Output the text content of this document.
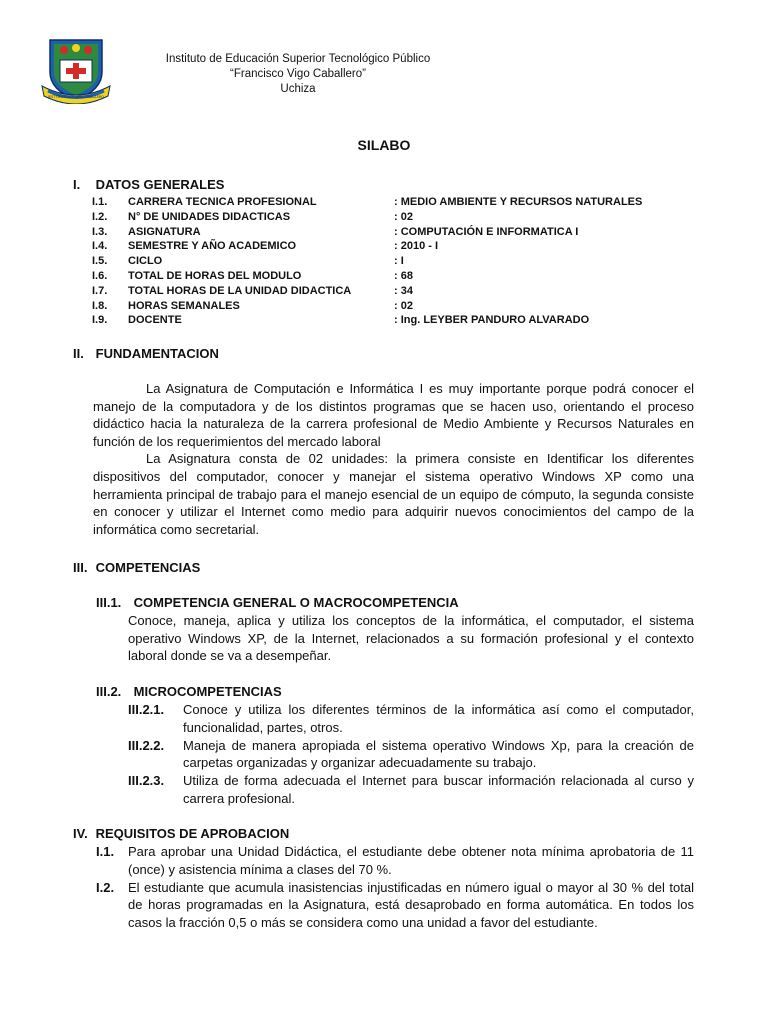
IEST FRANCISCO VIGO CABALLERO
Instituto de Educación Superior Tecnológico Público
“Francisco Vigo Caballero”
Uchiza
SILABO
I. DATOS GENERALES
I.1. CARRERA TECNICA PROFESIONAL	: MEDIO AMBIENTE Y RECURSOS NATURALES
I.2. N° DE UNIDADES DIDACTICAS	: 02
I.3. ASIGNATURA	: COMPUTACIÓN E INFORMATICA I
I.4. SEMESTRE Y AÑO ACADEMICO	: 2010 - I
I.5. CICLO	: I
I.6. TOTAL DE HORAS DEL MODULO	: 68
I.7. TOTAL HORAS DE LA UNIDAD DIDACTICA	: 34
I.8. HORAS SEMANALES	: 02
I.9. DOCENTE	: Ing. LEYBER PANDURO ALVARADO
II. FUNDAMENTACION

La Asignatura de Computación e Informática I es muy importante porque podrá conocer el manejo de la computadora y de los distintos programas que se hacen uso, orientando el proceso didáctico hacia la naturaleza de la carrera profesional de Medio Ambiente y Recursos Naturales en función de los requerimientos del mercado laboral

La Asignatura consta de 02 unidades: la primera consiste en Identificar los diferentes dispositivos del computador, conocer y manejar el sistema operativo Windows XP como una herramienta principal de trabajo para el manejo esencial de un equipo de cómputo, la segunda consiste en conocer y utilizar el Internet como medio para adquirir nuevos conocimientos del campo de la informática como secretarial.

III. COMPETENCIAS
III.1. COMPETENCIA GENERAL O MACROCOMPETENCIA
Conoce, maneja, aplica y utiliza los conceptos de la informática, el computador, el sistema operativo Windows XP, de la Internet, relacionados a su formación profesional y el contexto laboral donde se va a desempeñar.
III.2. MICROCOMPETENCIAS
III.2.1.	Conoce y utiliza los diferentes términos de la informática así como el computador, funcionalidad, partes, otros.
III.2.2.	Maneja de manera apropiada el sistema operativo Windows Xp, para la creación de carpetas organizadas y organizar adecuadamente su trabajo.
III.2.3.	Utiliza de forma adecuada el Internet para buscar información relacionada al curso y carrera profesional.
IV. REQUISITOS DE APROBACION
I.1.	Para aprobar una Unidad Didáctica, el estudiante debe obtener nota mínima aprobatoria de 11 (once) y asistencia mínima a clases del 70 %.
I.2.	El estudiante que acumula inasistencias injustificadas en número igual o mayor al 30 % del total de horas programadas en la Asignatura, está desaprobado en forma automática. En todos los casos la fracción 0,5 o más se considera como una unidad a favor del estudiante.
